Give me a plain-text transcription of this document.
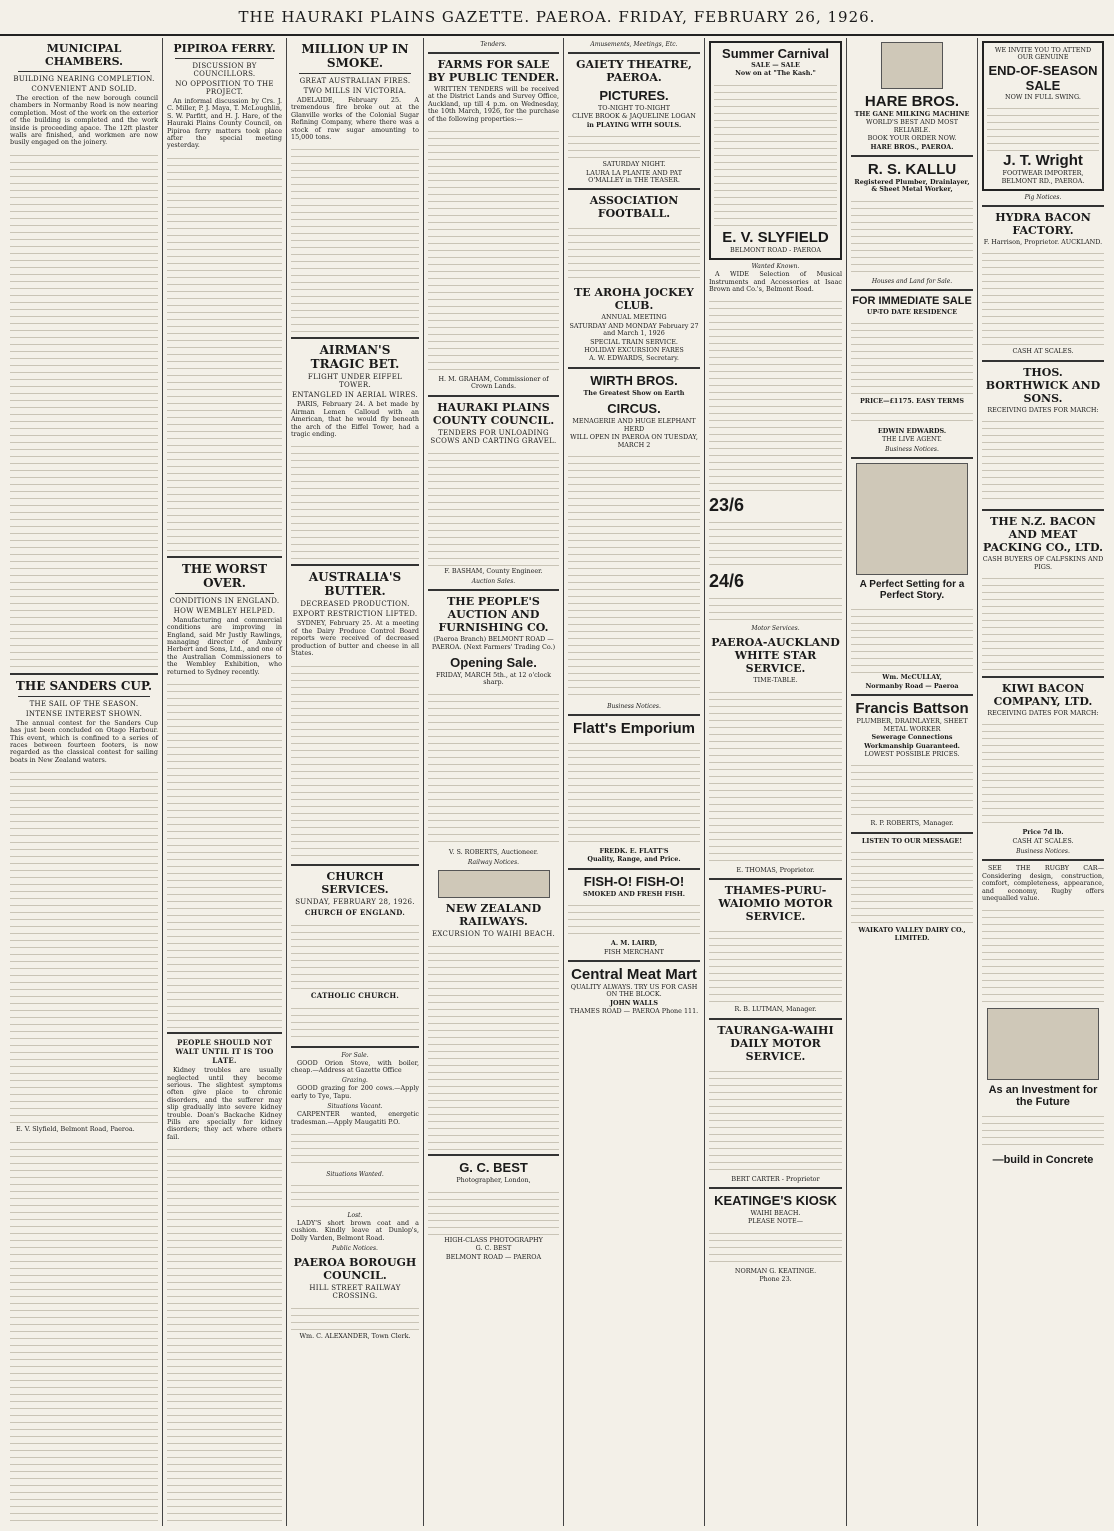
THE HAURAKI PLAINS GAZETTE. PAEROA. FRIDAY, FEBRUARY 26, 1926.
MUNICIPAL CHAMBERS.
BUILDING NEARING COMPLETION.
CONVENIENT AND SOLID.

The erection of the new borough council chambers in Normanby Road is now nearing completion. Most of the work on the exterior of the building is completed and the work inside is proceeding apace. The 12ft plaster walls are finished, and workmen are now busily engaged on the joinery.

THE SANDERS CUP.
THE SAIL OF THE SEASON.
INTENSE INTEREST SHOWN.

The annual contest for the Sanders Cup has just been concluded on Otago Harbour. This event, which is confined to a series of races between fourteen footers, is now regarded as the classical contest for sailing boats in New Zealand waters.

E. V. Slyfield, Belmont Road, Paeroa.

PIPIROA FERRY.
DISCUSSION BY COUNCILLORS.
NO OPPOSITION TO THE PROJECT.

An informal discussion by Crs. J. C. Miller, P. J. Maya, T. McLoughlin, S. W. Parfitt, and H. J. Hare, of the Hauraki Plains County Council, on Pipiroa ferry matters took place after the special meeting yesterday.

THE WORST OVER.
CONDITIONS IN ENGLAND.
HOW WEMBLEY HELPED.

Manufacturing and commercial conditions are improving in England, said Mr Justly Rawlings, managing director of Ambury Herbert and Sons, Ltd., and one of the Australian Commissioners to the Wembley Exhibition, who returned to Sydney recently.

PEOPLE SHOULD NOT WALT UNTIL IT IS TOO LATE.

Kidney troubles are usually neglected until they become serious. The slightest symptoms often give place to chronic disorders, and the sufferer may slip gradually into severe kidney trouble. Doan's Backache Kidney Pills are specially for kidney disorders; they act where others fail.

MILLION UP IN SMOKE.
GREAT AUSTRALIAN FIRES.
TWO MILLS IN VICTORIA.

ADELAIDE, February 25. A tremendous fire broke out at the Glanville works of the Colonial Sugar Refining Company, where there was a stock of raw sugar amounting to 15,000 tons.

AIRMAN'S TRAGIC BET.
FLIGHT UNDER EIFFEL TOWER.
ENTANGLED IN AERIAL WIRES.

PARIS, February 24. A bet made by Airman Lemen Calloud with an American, that he would fly beneath the arch of the Eiffel Tower, had a tragic ending.

AUSTRALIA'S BUTTER.
DECREASED PRODUCTION.
EXPORT RESTRICTION LIFTED.

SYDNEY, February 25. At a meeting of the Dairy Produce Control Board reports were received of decreased production of butter and cheese in all States.

CHURCH SERVICES.
SUNDAY, FEBRUARY 28, 1926.
CHURCH OF ENGLAND.
CATHOLIC CHURCH.
For Sale.

GOOD Orion Stove, with boiler, cheap.—Address at Gazette Office

Grazing.

GOOD grazing for 200 cows.—Apply early to Tye, Tapu.

Situations Vacant.

CARPENTER wanted, energetic tradesman.—Apply Maugatiti P.O.

Situations Wanted.
Lost.

LADY'S short brown coat and a cushion. Kindly leave at Dunlop's, Dolly Varden, Belmont Road.

Public Notices.
PAEROA BOROUGH COUNCIL.
HILL STREET RAILWAY CROSSING.
Wm. C. ALEXANDER, Town Clerk.
Tenders.
FARMS FOR SALE BY PUBLIC TENDER.

WRITTEN TENDERS will be received at the District Lands and Survey Office, Auckland, up till 4 p.m. on Wednesday, the 10th March, 1926, for the purchase of the following properties:—

H. M. GRAHAM, Commissioner of Crown Lands.
HAURAKI PLAINS COUNTY COUNCIL.
TENDERS FOR UNLOADING SCOWS AND CARTING GRAVEL.
F. BASHAM, County Engineer.
Auction Sales.
THE PEOPLE'S AUCTION AND FURNISHING CO.
(Paeroa Branch) BELMONT ROAD — PAEROA. (Next Farmers' Trading Co.)
Opening Sale.
FRIDAY, MARCH 5th., at 12 o'clock sharp.
V. S. ROBERTS, Auctioneer.
Railway Notices.
NEW ZEALAND RAILWAYS.
EXCURSION TO WAIHI BEACH.
G. C. BEST
Photographer, London,
HIGH-CLASS PHOTOGRAPHY
G. C. BEST
BELMONT ROAD — PAEROA
Amusements, Meetings, Etc.
GAIETY THEATRE, PAEROA.
PICTURES.
TO-NIGHT TO-NIGHT
CLIVE BROOK & JAQUELINE LOGAN
in PLAYING WITH SOULS.
SATURDAY NIGHT.
LAURA LA PLANTE AND PAT O'MALLEY in THE TEASER.
ASSOCIATION FOOTBALL.
TE AROHA JOCKEY CLUB.
ANNUAL MEETING
SATURDAY AND MONDAY February 27 and March 1, 1926
SPECIAL TRAIN SERVICE.
HOLIDAY EXCURSION FARES
A. W. EDWARDS, Secretary.
WIRTH BROS.
The Greatest Show on Earth
CIRCUS.
MENAGERIE AND HUGE ELEPHANT HERD
WILL OPEN IN PAEROA ON TUESDAY, MARCH 2
Business Notices.
Flatt's Emporium
FREDK. E. FLATT'S
Quality, Range, and Price.
FISH-O! FISH-O!
SMOKED AND FRESH FISH.
A. M. LAIRD,
FISH MERCHANT
Central Meat Mart
QUALITY ALWAYS. TRY US FOR CASH ON THE BLOCK.
JOHN WALLS
THAMES ROAD — PAEROA Phone 111.
Summer Carnival
SALE — SALE
Now on at "The Kash."
E. V. SLYFIELD
BELMONT ROAD - PAEROA
Wanted Known.

A WIDE Selection of Musical Instruments and Accessories at Isaac Brown and Co.'s, Belmont Road.

23/6
24/6
Motor Services.
PAEROA-AUCKLAND WHITE STAR SERVICE.
TIME-TABLE.
E. THOMAS, Proprietor.
THAMES-PURU-WAIOMIO MOTOR SERVICE.
R. B. LUTMAN, Manager.
TAURANGA-WAIHI DAILY MOTOR SERVICE.
BERT CARTER - Proprietor
KEATINGE'S KIOSK
WAIHI BEACH.
PLEASE NOTE—
NORMAN G. KEATINGE.
Phone 23.
HARE BROS.
THE GANE MILKING MACHINE
WORLD'S BEST AND MOST RELIABLE.
BOOK YOUR ORDER NOW.
HARE BROS., PAEROA.
R. S. KALLU
Registered Plumber, Drainlayer, & Sheet Metal Worker,
Houses and Land for Sale.
FOR IMMEDIATE SALE
UP-TO DATE RESIDENCE
PRICE—£1175. EASY TERMS
EDWIN EDWARDS.
THE LIVE AGENT.
Business Notices.
A Perfect Setting for a Perfect Story.
Wm. McCULLAY,
Normanby Road — Paeroa
Francis Battson
PLUMBER, DRAINLAYER, SHEET METAL WORKER
Sewerage Connections
Workmanship Guaranteed.
LOWEST POSSIBLE PRICES.
R. P. ROBERTS, Manager.
LISTEN TO OUR MESSAGE!
WAIKATO VALLEY DAIRY CO., LIMITED.
WE INVITE YOU TO ATTEND OUR GENUINE
END-OF-SEASON SALE
NOW IN FULL SWING.
J. T. Wright
FOOTWEAR IMPORTER, BELMONT RD., PAEROA.
Pig Notices.
HYDRA BACON FACTORY.
F. Harrison, Proprietor. AUCKLAND.
CASH AT SCALES.
THOS. BORTHWICK AND SONS.
RECEIVING DATES FOR MARCH:
THE N.Z. BACON AND MEAT PACKING CO., LTD.
CASH BUYERS OF CALFSKINS AND PIGS.
KIWI BACON COMPANY, LTD.
RECEIVING DATES FOR MARCH:
Price 7d lb.
CASH AT SCALES.
Business Notices.

SEE THE RUGBY CAR—Considering design, construction, comfort, completeness, appearance, and economy, Rugby offers unequalled value.

As an Investment for the Future
—build in Concrete
